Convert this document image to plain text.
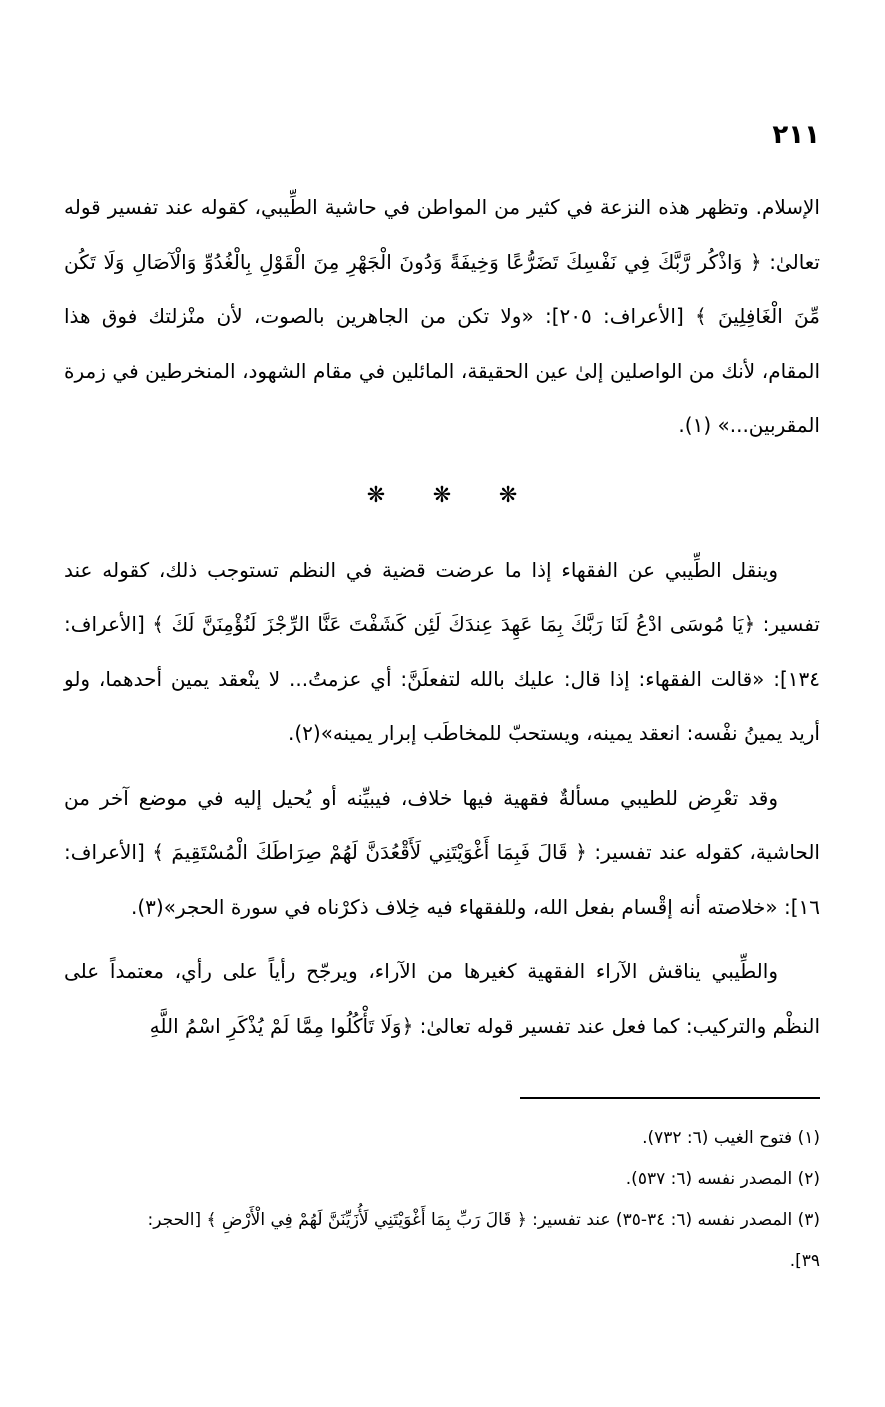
٢١١

الإسلام. وتظهر هذه النزعة في كثير من المواطن في حاشية الطِّيبي، كقوله عند تفسير قوله تعالىٰ: ﴿ وَاذْكُر رَّبَّكَ فِي نَفْسِكَ تَضَرُّعًا وَخِيفَةً وَدُونَ الْجَهْرِ مِنَ الْقَوْلِ بِالْغُدُوِّ وَالْآصَالِ وَلَا تَكُن مِّنَ الْغَافِلِينَ ﴾ [الأعراف: ٢٠٥]: «ولا تكن من الجاهرين بالصوت، لأن منْزلتك فوق هذا المقام، لأنك من الواصلين إلىٰ عين الحقيقة، المائلين في مقام الشهود، المنخرطين في زمرة المقربين...» (١).

❋ ❋ ❋

وينقل الطِّيبي عن الفقهاء إذا ما عرضت قضية في النظم تستوجب ذلك، كقوله عند تفسير: ﴿يَا مُوسَى ادْعُ لَنَا رَبَّكَ بِمَا عَهِدَ عِندَكَ لَئِن كَشَفْتَ عَنَّا الرِّجْزَ لَنُؤْمِنَنَّ لَكَ ﴾ [الأعراف: ١٣٤]: «قالت الفقهاء: إذا قال: عليك بالله لتفعلَنَّ: أي عزمتُ... لا ينْعقد يمين أحدهما، ولو أريد يمينُ نفْسه: انعقد يمينه، ويستحبّ للمخاطَب إبرار يمينه»(٢).

وقد تعْرِض للطيبي مسألةٌ فقهية فيها خلاف، فيبيِّنه أو يُحيل إليه في موضع آخر من الحاشية، كقوله عند تفسير: ﴿ قَالَ فَبِمَا أَغْوَيْتَنِي لَأَقْعُدَنَّ لَهُمْ صِرَاطَكَ الْمُسْتَقِيمَ ﴾ [الأعراف: ١٦]: «خلاصته أنه إقْسام بفعل الله، وللفقهاء فيه خِلاف ذكرْناه في سورة الحجر»(٣).

والطِّيبي يناقش الآراء الفقهية كغيرها من الآراء، ويرجّح رأياً على رأي، معتمداً على النظْم والتركيب: كما فعل عند تفسير قوله تعالىٰ: ﴿وَلَا تَأْكُلُوا مِمَّا لَمْ يُذْكَرِ اسْمُ اللَّهِ

(١) فتوح الغيب (٦: ٧٣٢).

(٢) المصدر نفسه (٦: ٥٣٧).

(٣) المصدر نفسه (٦: ٣٤-٣٥) عند تفسير: ﴿ قَالَ رَبِّ بِمَا أَغْوَيْتَنِي لَأُزَيِّنَنَّ لَهُمْ فِي الْأَرْضِ ﴾ [الحجر:

٣٩].
